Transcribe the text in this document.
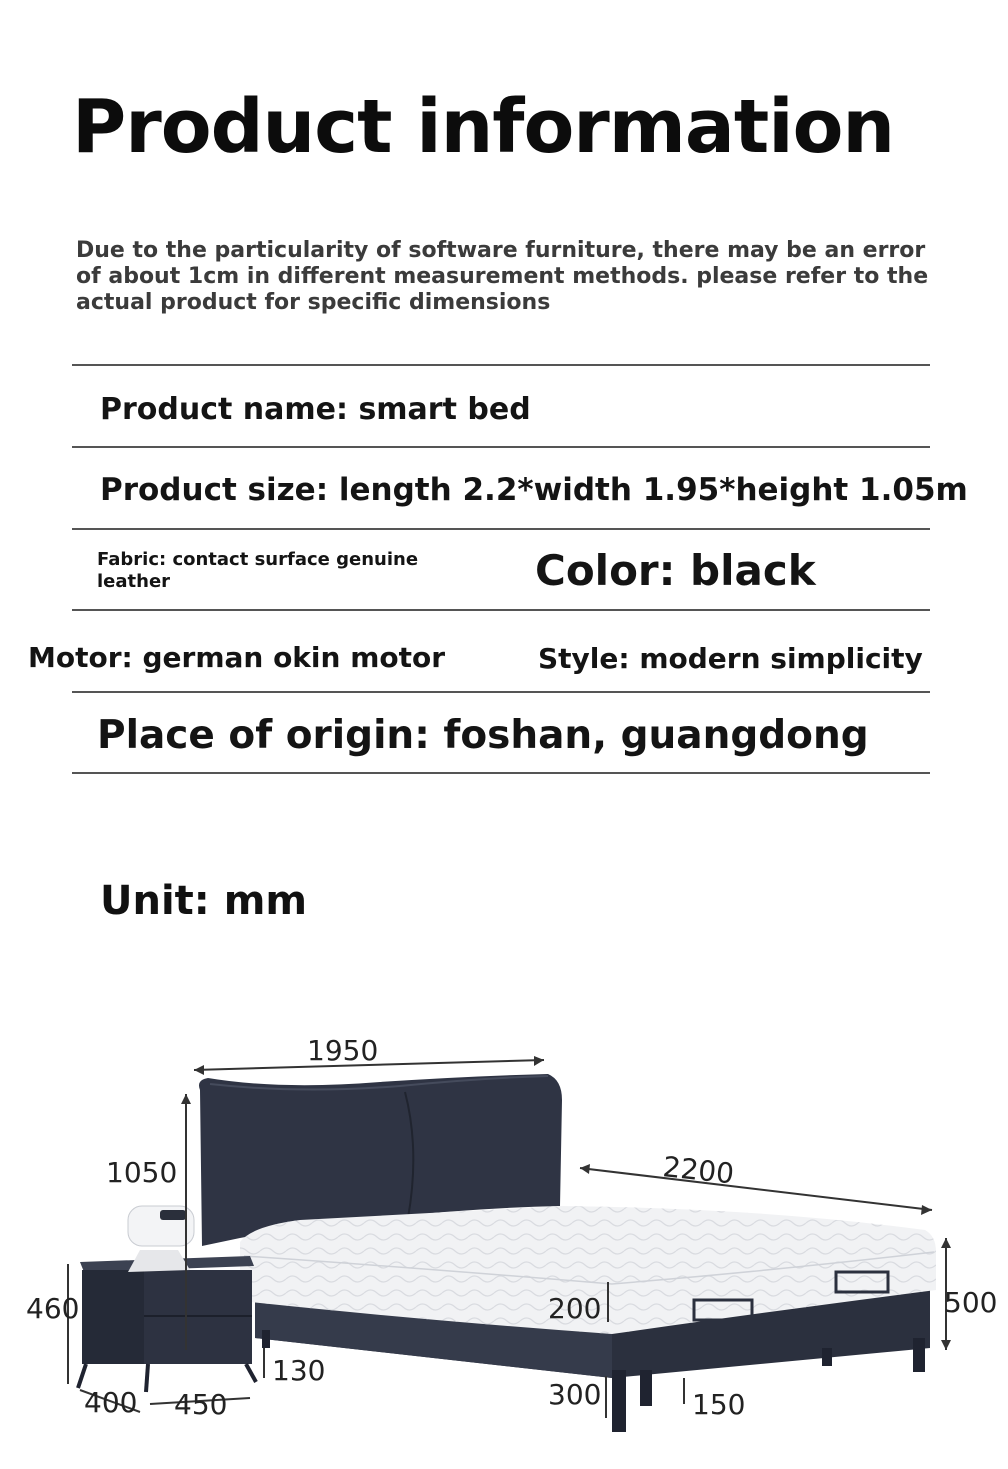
Product information
Due to the particularity of software furniture, there may be an error of about 1cm in different measurement methods. please refer to the actual product for specific dimensions
Product name: smart bed
Product size: length 2.2*width 1.95*height 1.05m
Fabric: contact surface genuine leather	Color: black
Motor: german okin motor	Style: modern simplicity
Place of origin: foshan, guangdong
Unit: mm
1950
2200
1050
200	500
300	150
460
400 450
130
